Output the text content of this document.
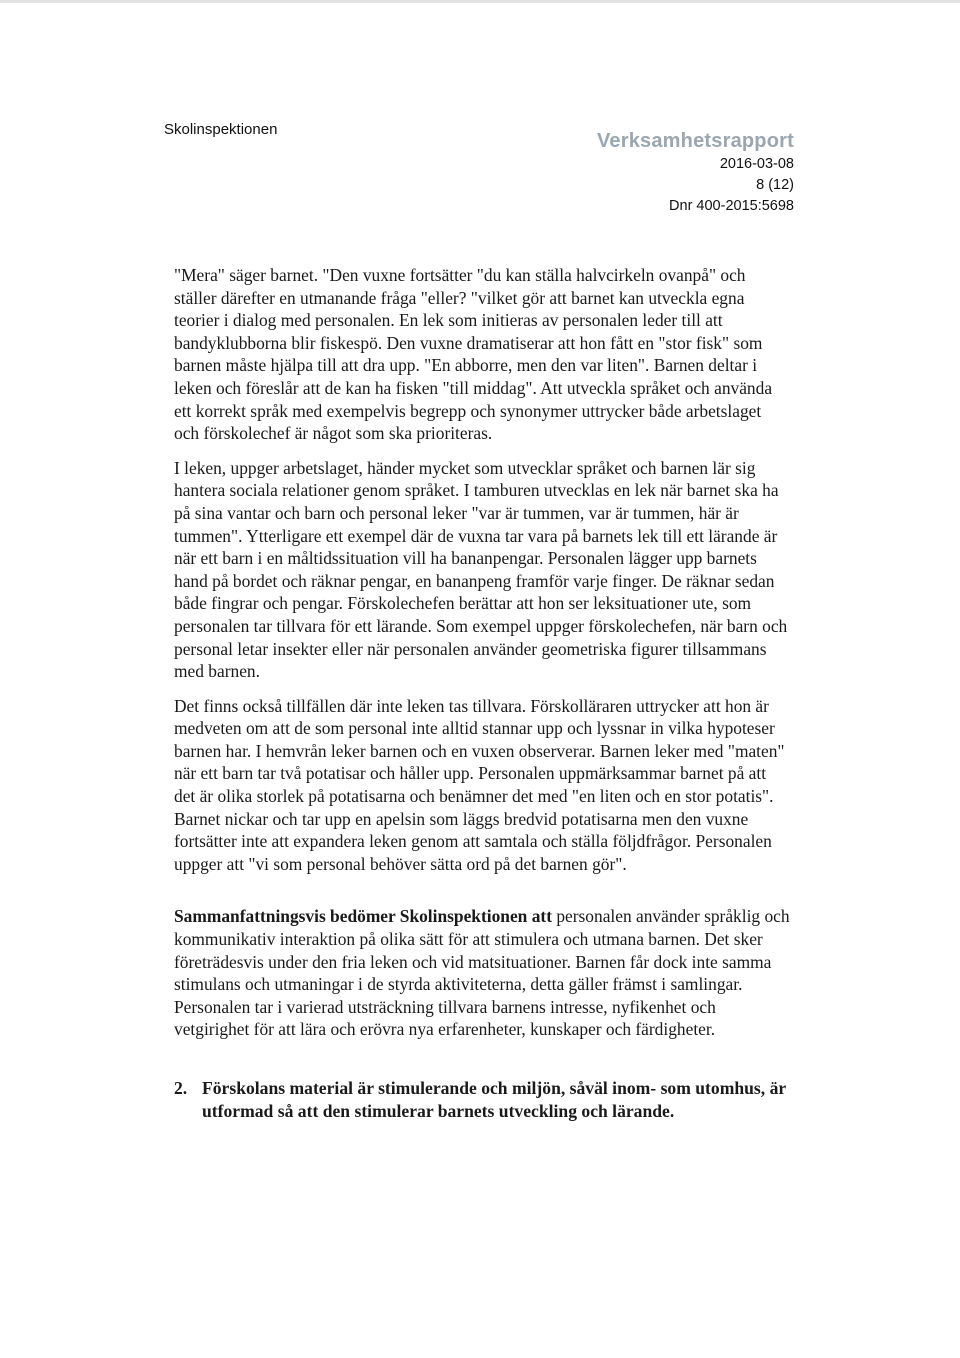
Skolinspektionen
Verksamhetsrapport
2016-03-08
8 (12)
Dnr 400-2015:5698

"Mera" säger barnet. "Den vuxne fortsätter "du kan ställa halvcirkeln ovanpå" och ställer därefter en utmanande fråga "eller? "vilket gör att barnet kan utveckla egna teorier i dialog med personalen. En lek som initieras av personalen leder till att bandyklubborna blir fiskespö. Den vuxne dramatiserar att hon fått en "stor fisk" som barnen måste hjälpa till att dra upp. "En abborre, men den var liten". Barnen deltar i leken och föreslår att de kan ha fisken "till middag". Att utveckla språket och använda ett korrekt språk med exempelvis begrepp och synonymer uttrycker både arbetslaget och förskolechef är något som ska prioriteras.

I leken, uppger arbetslaget, händer mycket som utvecklar språket och barnen lär sig hantera sociala relationer genom språket. I tamburen utvecklas en lek när barnet ska ha på sina vantar och barn och personal leker "var är tummen, var är tummen, här är tummen". Ytterligare ett exempel där de vuxna tar vara på barnets lek till ett lärande är när ett barn i en måltidssituation vill ha bananpengar. Personalen lägger upp barnets hand på bordet och räknar pengar, en bananpeng framför varje finger. De räknar sedan både fingrar och pengar. Förskolechefen berättar att hon ser leksituationer ute, som personalen tar tillvara för ett lärande. Som exempel uppger förskolechefen, när barn och personal letar insekter eller när personalen använder geometriska figurer tillsammans med barnen.

Det finns också tillfällen där inte leken tas tillvara. Förskolläraren uttrycker att hon är medveten om att de som personal inte alltid stannar upp och lyssnar in vilka hypoteser barnen har. I hemvrån leker barnen och en vuxen observerar. Barnen leker med "maten" när ett barn tar två potatisar och håller upp. Personalen uppmärksammar barnet på att det är olika storlek på potatisarna och benämner det med "en liten och en stor potatis". Barnet nickar och tar upp en apelsin som läggs bredvid potatisarna men den vuxne fortsätter inte att expandera leken genom att samtala och ställa följdfrågor. Personalen uppger att "vi som personal behöver sätta ord på det barnen gör".

Sammanfattningsvis bedömer Skolinspektionen att personalen använder språklig och kommunikativ interaktion på olika sätt för att stimulera och utmana barnen. Det sker företrädesvis under den fria leken och vid matsituationer. Barnen får dock inte samma stimulans och utmaningar i de styrda aktiviteterna, detta gäller främst i samlingar. Personalen tar i varierad utsträckning tillvara barnens intresse, nyfikenhet och vetgirighet för att lära och erövra nya erfarenheter, kunskaper och färdigheter.

2. Förskolans material är stimulerande och miljön, såväl inom- som utomhus, är utformad så att den stimulerar barnets utveckling och lärande.
